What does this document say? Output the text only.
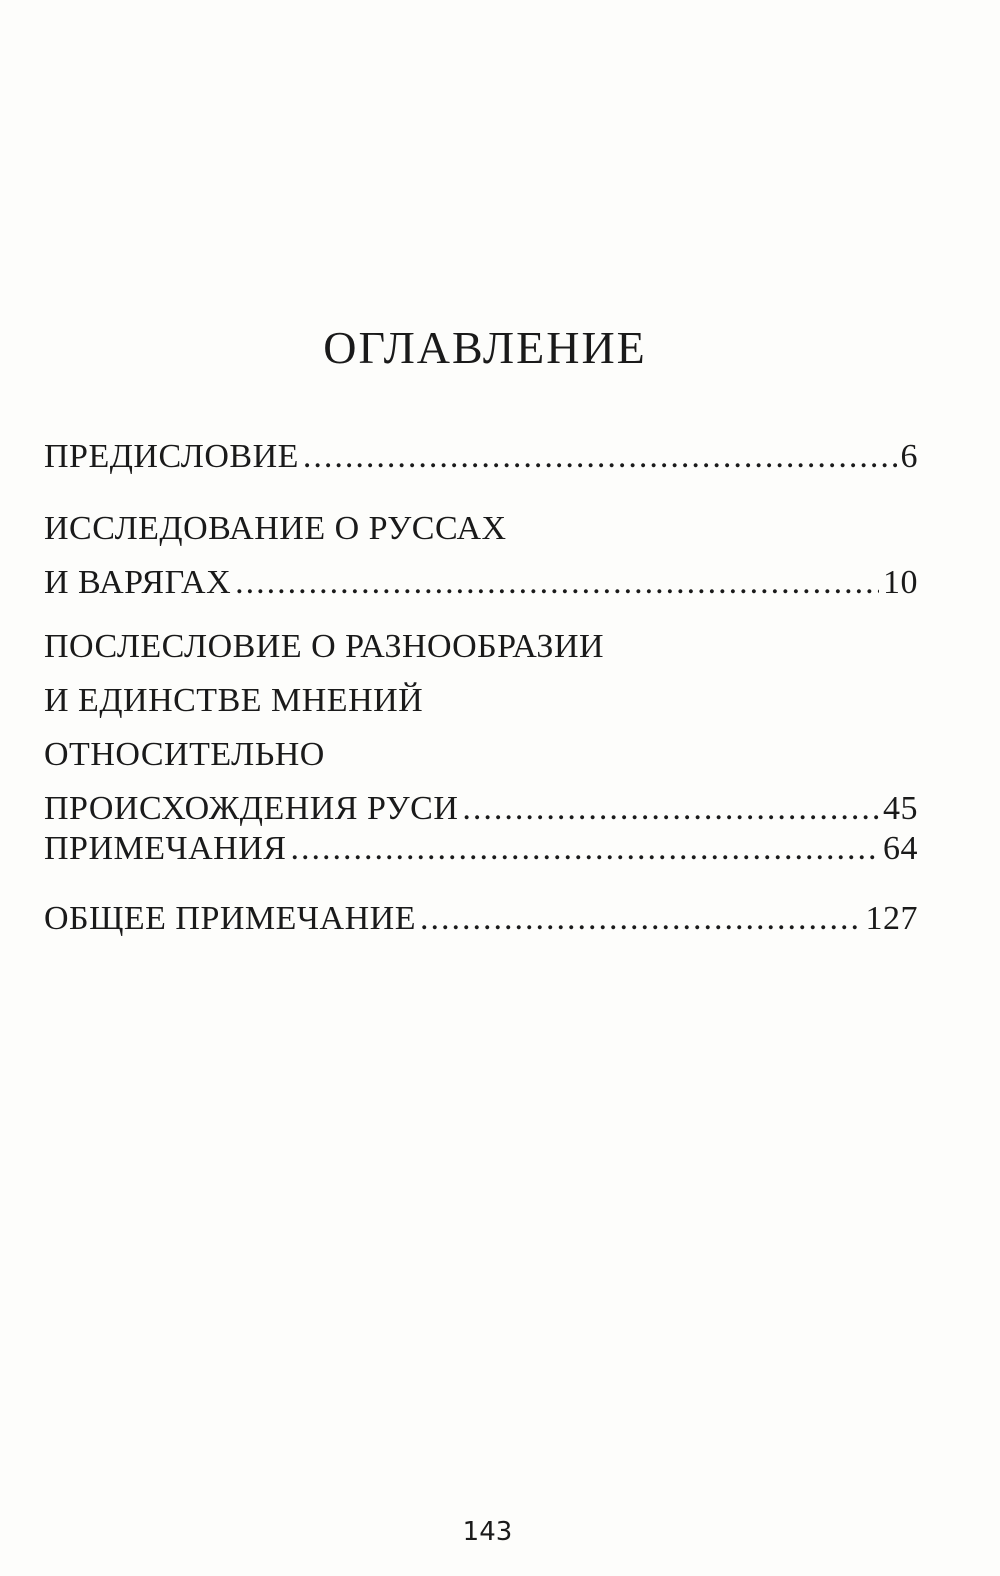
ОГЛАВЛЕНИЕ
ПРЕДИСЛОВИЕ .....	6
ИССЛЕДОВАНИЕ О РУССАХ
И ВАРЯГАХ .....	10
ПОСЛЕСЛОВИЕ О РАЗНООБРАЗИИ
И ЕДИНСТВЕ МНЕНИЙ
ОТНОСИТЕЛЬНО
ПРОИСХОЖДЕНИЯ РУСИ .....	45
ПРИМЕЧАНИЯ .....	64
ОБЩЕЕ ПРИМЕЧАНИЕ .....	127
143
